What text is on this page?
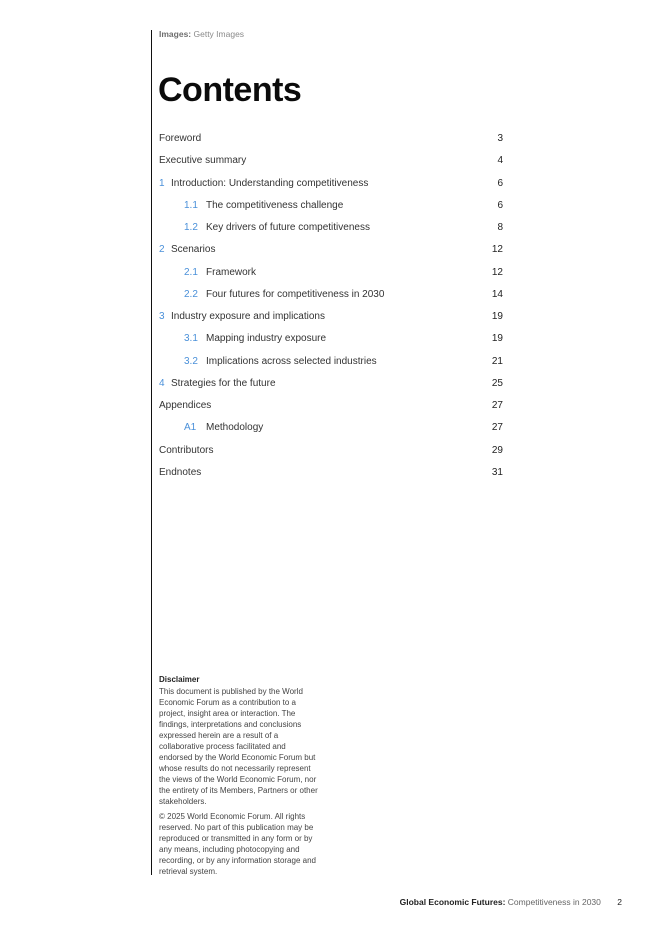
Images: Getty Images
Contents
Foreword	3
Executive summary	4
1 Introduction: Understanding competitiveness	6
1.1 The competitiveness challenge	6
1.2 Key drivers of future competitiveness	8
2 Scenarios	12
2.1 Framework	12
2.2 Four futures for competitiveness in 2030	14
3 Industry exposure and implications	19
3.1 Mapping industry exposure	19
3.2 Implications across selected industries	21
4 Strategies for the future	25
Appendices	27
A1 Methodology	27
Contributors	29
Endnotes	31
Disclaimer

This document is published by the World Economic Forum as a contribution to a project, insight area or interaction. The findings, interpretations and conclusions expressed herein are a result of a collaborative process facilitated and endorsed by the World Economic Forum but whose results do not necessarily represent the views of the World Economic Forum, nor the entirety of its Members, Partners or other stakeholders.

© 2025 World Economic Forum. All rights reserved. No part of this publication may be reproduced or transmitted in any form or by any means, including photocopying and recording, or by any information storage and retrieval system.

Global Economic Futures: Competitiveness in 2030 2
